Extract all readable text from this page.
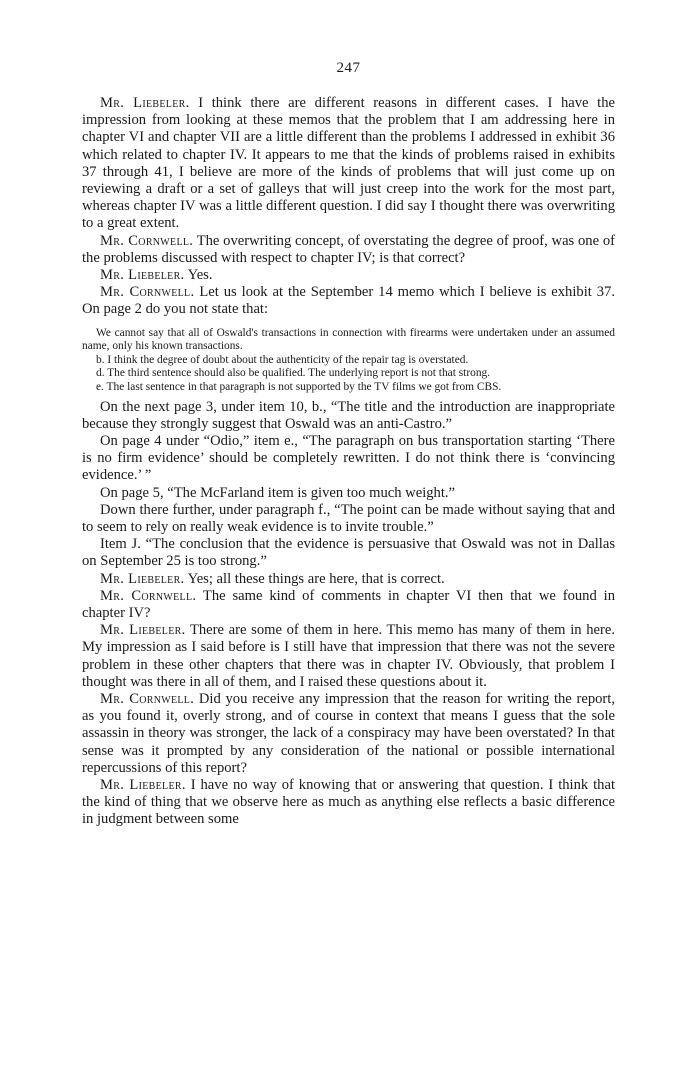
247

Mr. Liebeler. I think there are different reasons in different cases. I have the impression from looking at these memos that the problem that I am addressing here in chapter VI and chapter VII are a little different than the problems I addressed in exhibit 36 which related to chapter IV. It appears to me that the kinds of problems raised in exhibits 37 through 41, I believe are more of the kinds of problems that will just come up on reviewing a draft or a set of galleys that will just creep into the work for the most part, whereas chapter IV was a little different question. I did say I thought there was overwriting to a great extent.

Mr. Cornwell. The overwriting concept, of overstating the degree of proof, was one of the problems discussed with respect to chapter IV; is that correct?

Mr. Liebeler. Yes.

Mr. Cornwell. Let us look at the September 14 memo which I believe is exhibit 37. On page 2 do you not state that:

We cannot say that all of Oswald's transactions in connection with firearms were undertaken under an assumed name, only his known transactions.

b. I think the degree of doubt about the authenticity of the repair tag is overstated.

d. The third sentence should also be qualified. The underlying report is not that strong.

e. The last sentence in that paragraph is not supported by the TV films we got from CBS.

On the next page 3, under item 10, b., “The title and the introduction are inappropriate because they strongly suggest that Oswald was an anti-Castro.”

On page 4 under “Odio,” item e., “The paragraph on bus transportation starting ‘There is no firm evidence’ should be completely rewritten. I do not think there is ‘convincing evidence.’ ”

On page 5, “The McFarland item is given too much weight.”

Down there further, under paragraph f., “The point can be made without saying that and to seem to rely on really weak evidence is to invite trouble.”

Item J. “The conclusion that the evidence is persuasive that Oswald was not in Dallas on September 25 is too strong.”

Mr. Liebeler. Yes; all these things are here, that is correct.

Mr. Cornwell. The same kind of comments in chapter VI then that we found in chapter IV?

Mr. Liebeler. There are some of them in here. This memo has many of them in here. My impression as I said before is I still have that impression that there was not the severe problem in these other chapters that there was in chapter IV. Obviously, that problem I thought was there in all of them, and I raised these questions about it.

Mr. Cornwell. Did you receive any impression that the reason for writing the report, as you found it, overly strong, and of course in context that means I guess that the sole assassin in theory was stronger, the lack of a conspiracy may have been overstated? In that sense was it prompted by any consideration of the national or possible international repercussions of this report?

Mr. Liebeler. I have no way of knowing that or answering that question. I think that the kind of thing that we observe here as much as anything else reflects a basic difference in judgment between some
